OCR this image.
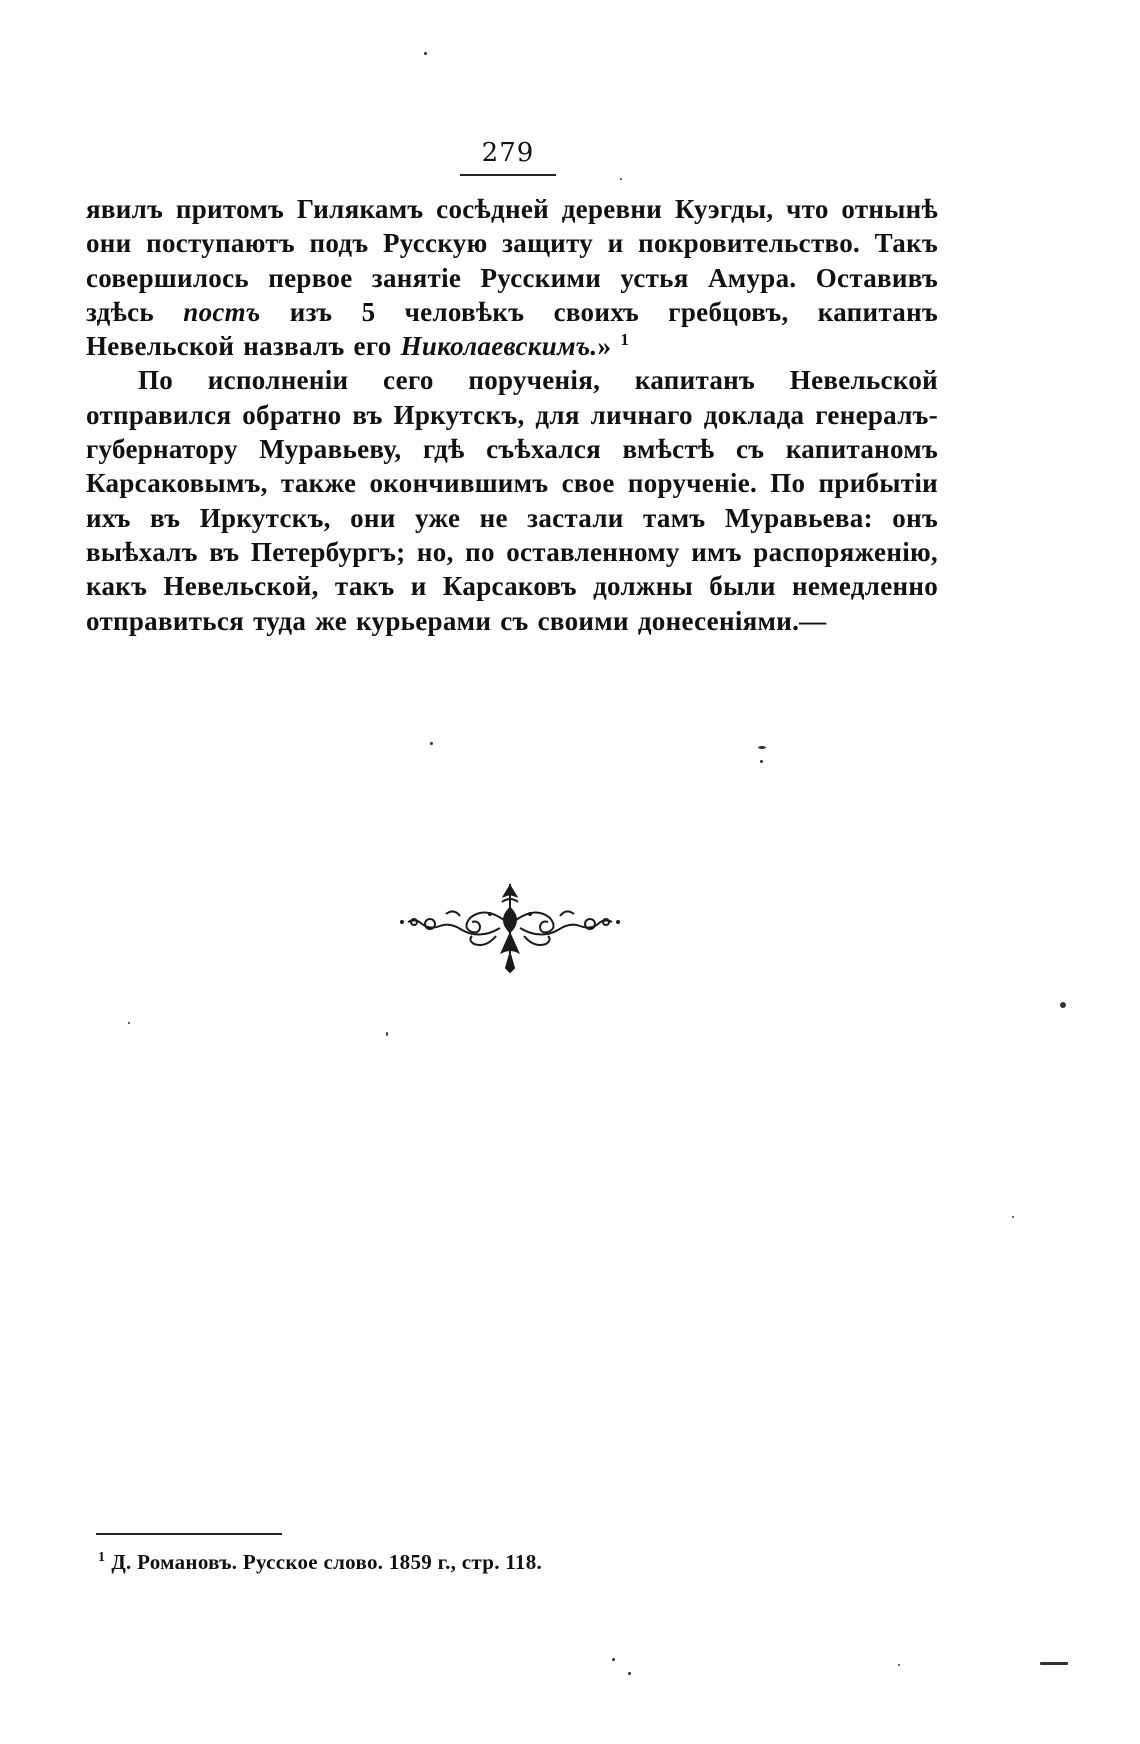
279

явилъ притомъ Гилякамъ сосѣдней деревни Куэгды, что отнынѣ они поступаютъ подъ Русскую защиту и покровительство. Такъ совершилось первое занятіе Русскими устья Амура. Оставивъ здѣсь постъ изъ 5 человѣкъ своихъ гребцовъ, капитанъ Невельской назвалъ его Николаевскимъ.» $^1$

По исполненіи сего порученія, капитанъ Невельской отправился обратно въ Иркутскъ, для личнаго доклада генералъ-губернатору Муравьеву, гдѣ съѣхался вмѣстѣ съ капитаномъ Карсаковымъ, также окончившимъ свое порученіе. По прибытіи ихъ въ Иркутскъ, они уже не застали тамъ Муравьева: онъ выѣхалъ въ Петербургъ; но, по оставленному имъ распоряженію, какъ Невельской, такъ и Карсаковъ должны были немедленно отправиться туда же курьерами съ своими донесеніями.—

$^1$ Д. Романовъ. Русское слово. 1859 г., стр. 118.
